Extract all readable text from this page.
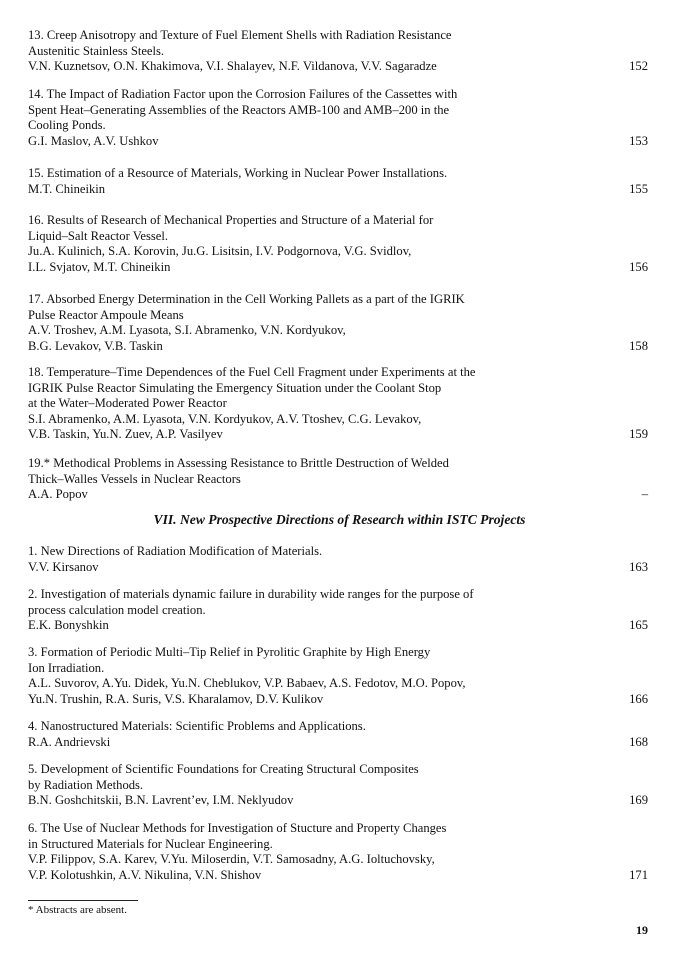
13. Creep Anisotropy and Texture of Fuel Element Shells with Radiation Resistance
Austenitic Stainless Steels.
V.N. Kuznetsov, O.N. Khakimova, V.I. Shalayev, N.F. Vildanova, V.V. Sagaradze	152
14. The Impact of Radiation Factor upon the Corrosion Failures of the Cassettes with
Spent Heat–Generating Assemblies of the Reactors AMB-100 and AMB–200 in the
Cooling Ponds.
G.I. Maslov, A.V. Ushkov	153
15. Estimation of a Resource of Materials, Working in Nuclear Power Installations.
M.T. Chineikin	155
16. Results of Research of Mechanical Properties and Structure of a Material for
Liquid–Salt Reactor Vessel.
Ju.A. Kulinich, S.A. Korovin, Ju.G. Lisitsin, I.V. Podgornova, V.G. Svidlov,
I.L. Svjatov, M.T. Chineikin	156
17. Absorbed Energy Determination in the Cell Working Pallets as a part of the IGRIK
Pulse Reactor Ampoule Means
A.V. Troshev, A.M. Lyasota, S.I. Abramenko, V.N. Kordyukov,
B.G. Levakov, V.B. Taskin	158
18. Temperature–Time Dependences of the Fuel Cell Fragment under Experiments at the
IGRIK Pulse Reactor Simulating the Emergency Situation under the Coolant Stop
at the Water–Moderated Power Reactor
S.I. Abramenko, A.M. Lyasota, V.N. Kordyukov, A.V. Ttoshev, C.G. Levakov,
V.B. Taskin, Yu.N. Zuev, A.P. Vasilyev	159
19.* Methodical Problems in Assessing Resistance to Brittle Destruction of Welded
Thick–Walles Vessels in Nuclear Reactors
A.A. Popov	–
1. New Directions of Radiation Modification of Materials.
V.V. Kirsanov	163
2. Investigation of materials dynamic failure in durability wide ranges for the purpose of
process calculation model creation.
E.K. Bonyshkin	165
3. Formation of Periodic Multi–Tip Relief in Pyrolitic Graphite by High Energy
Ion Irradiation.
A.L. Suvorov, A.Yu. Didek, Yu.N. Cheblukov, V.P. Babaev, A.S. Fedotov, M.O. Popov,
Yu.N. Trushin, R.A. Suris, V.S. Kharalamov, D.V. Kulikov	166
4. Nanostructured Materials: Scientific Problems and Applications.
R.A. Andrievski	168
5. Development of Scientific Foundations for Creating Structural Composites
by Radiation Methods.
B.N. Goshchitskii, B.N. Lavrent’ev, I.M. Neklyudov	169
6. The Use of Nuclear Methods for Investigation of Stucture and Property Changes
in Structured Materials for Nuclear Engineering.
V.P. Filippov, S.A. Karev, V.Yu. Miloserdin, V.T. Samosadny, A.G. Ioltuchovsky,
V.P. Kolotushkin, A.V. Nikulina, V.N. Shishov	171
VII. New Prospective Directions of Research within ISTC Projects
* Abstracts are absent.
19
